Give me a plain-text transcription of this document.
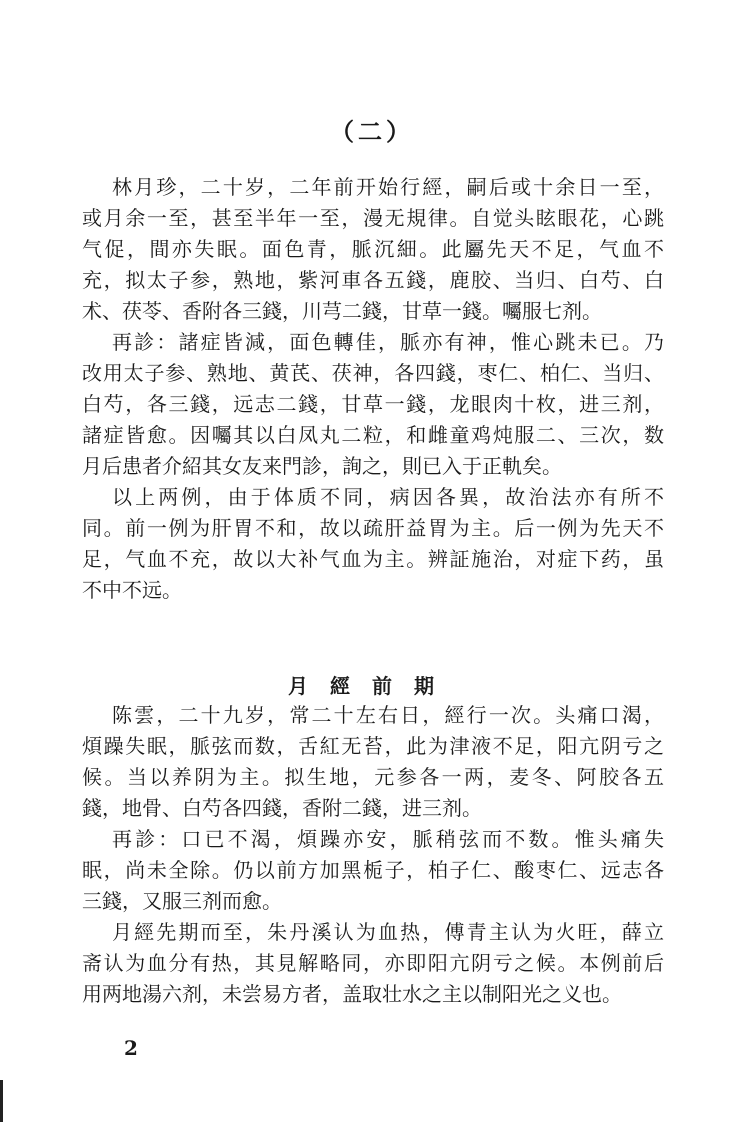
（二）
林月珍，二十岁，二年前开始行經，嗣后或十余日一至，
或月余一至，甚至半年一至，漫无規律。自觉头眩眼花，心跳
气促，間亦失眠。面色青，脈沉細。此屬先天不足，气血不
充，拟太子参，熟地，紫河車各五錢，鹿胶、当归、白芍、白
术、茯苓、香附各三錢，川芎二錢，甘草一錢。囑服七剂。
再診：諸症皆減，面色轉佳，脈亦有神，惟心跳未已。乃
改用太子参、熟地、黄芪、茯神，各四錢，枣仁、柏仁、当归、
白芍，各三錢，远志二錢，甘草一錢，龙眼肉十枚，进三剂，
諸症皆愈。因囑其以白凤丸二粒，和雌童鸡炖服二、三次，数
月后患者介紹其女友来門診，詢之，則已入于正軌矣。
以上两例，由于体质不同，病因各異，故治法亦有所不
同。前一例为肝胃不和，故以疏肝益胃为主。后一例为先天不
足，气血不充，故以大补气血为主。辨証施治，对症下药，虽
不中不远。
月經前期
陈雲，二十九岁，常二十左右日，經行一次。头痛口渴，
煩躁失眠，脈弦而数，舌紅无苔，此为津液不足，阳亢阴亏之
候。当以养阴为主。拟生地，元参各一两，麦冬、阿胶各五
錢，地骨、白芍各四錢，香附二錢，进三剂。
再診：口已不渴，煩躁亦安，脈稍弦而不数。惟头痛失
眠，尚未全除。仍以前方加黑栀子，柏子仁、酸枣仁、远志各
三錢，又服三剂而愈。
月經先期而至，朱丹溪认为血热，傅青主认为火旺，薛立
斋认为血分有热，其見解略同，亦即阳亢阴亏之候。本例前后
用两地湯六剂，未尝易方者，盖取壮水之主以制阳光之义也。
2
